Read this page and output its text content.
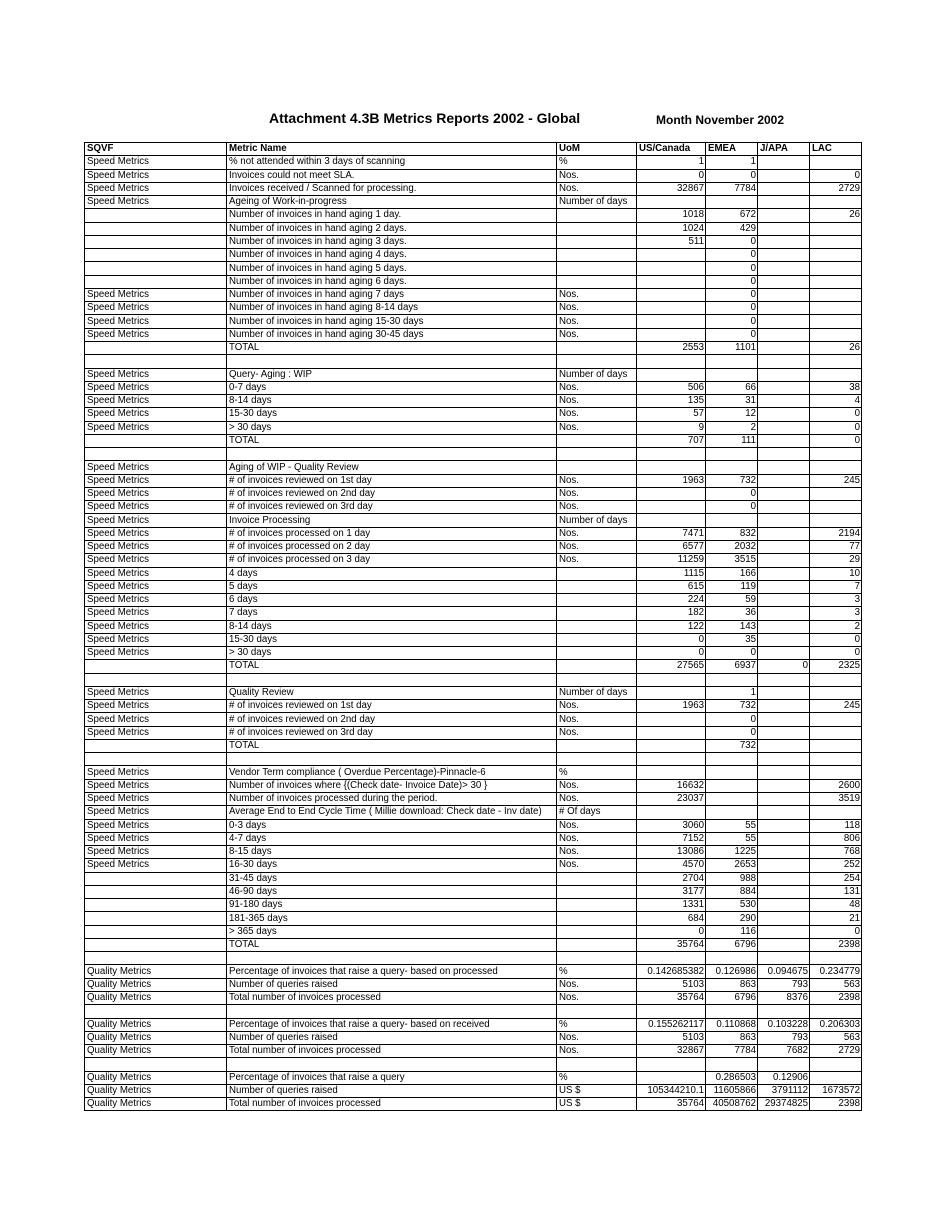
Attachment 4.3B Metrics Reports 2002 - Global	Month November 2002
SQVF	Metric Name	UoM	US/Canada	EMEA	J/APA	LAC
Speed Metrics	% not attended within 3 days of scanning	%	1	1		
Speed Metrics	Invoices could not meet SLA.	Nos.	0	0		0
Speed Metrics	Invoices received / Scanned for processing.	Nos.	32867	7784		2729
Speed Metrics	Ageing of Work-in-progress	Number of days				
	Number of invoices in hand aging 1 day.		1018	672		26
	Number of invoices in hand aging 2 days.		1024	429		
	Number of invoices in hand aging 3 days.		511	0		
	Number of invoices in hand aging 4 days.			0		
	Number of invoices in hand aging 5 days.			0		
	Number of invoices in hand aging 6 days.			0		
Speed Metrics	Number of invoices in hand aging 7 days	Nos.		0		
Speed Metrics	Number of invoices in hand aging 8-14 days	Nos.		0		
Speed Metrics	Number of invoices in hand aging 15-30 days	Nos.		0		
Speed Metrics	Number of invoices in hand aging 30-45 days	Nos.		0		
	TOTAL		2553	1101		26

Speed Metrics	Query- Aging : WIP	Number of days				
Speed Metrics	0-7 days	Nos.	506	66		38
Speed Metrics	8-14 days	Nos.	135	31		4
Speed Metrics	15-30 days	Nos.	57	12		0
Speed Metrics	> 30 days	Nos.	9	2		0
	TOTAL		707	111		0

Speed Metrics	Aging of WIP - Quality Review					
Speed Metrics	# of invoices reviewed on 1st day	Nos.	1963	732		245
Speed Metrics	# of invoices reviewed on 2nd day	Nos.		0		
Speed Metrics	# of invoices reviewed on 3rd day	Nos.		0		
Speed Metrics	Invoice Processing	Number of days				
Speed Metrics	# of invoices processed on 1 day	Nos.	7471	832		2194
Speed Metrics	# of invoices processed on 2 day	Nos.	6577	2032		77
Speed Metrics	# of invoices processed on 3 day	Nos.	11259	3515		29
Speed Metrics	4 days		1115	166		10
Speed Metrics	5 days		615	119		7
Speed Metrics	6 days		224	59		3
Speed Metrics	7 days		182	36		3
Speed Metrics	8-14 days		122	143		2
Speed Metrics	15-30 days		0	35		0
Speed Metrics	> 30 days		0	0		0
	TOTAL		27565	6937	0	2325

Speed Metrics	Quality Review	Number of days		1		
Speed Metrics	# of invoices reviewed on 1st day	Nos.	1963	732		245
Speed Metrics	# of invoices reviewed on 2nd day	Nos.		0		
Speed Metrics	# of invoices reviewed on 3rd day	Nos.		0		
	TOTAL			732		

Speed Metrics	Vendor Term compliance ( Overdue Percentage)-Pinnacle-6	%				
Speed Metrics	Number of invoices where {(Check date- Invoice Date)> 30 }	Nos.	16632			2600
Speed Metrics	Number of invoices processed during the period.	Nos.	23037			3519
Speed Metrics	Average End to End Cycle Time ( Millie download: Check date - Inv date)	# Of days				
Speed Metrics	0-3 days	Nos.	3060	55		118
Speed Metrics	4-7 days	Nos.	7152	55		806
Speed Metrics	8-15 days	Nos.	13086	1225		768
Speed Metrics	16-30 days	Nos.	4570	2653		252
	31-45 days		2704	988		254
	46-90 days		3177	884		131
	91-180 days		1331	530		48
	181-365 days		684	290		21
	> 365 days		0	116		0
	TOTAL		35764	6796		2398

Quality Metrics	Percentage of invoices that raise a query- based on processed	%	0.142685382	0.126986	0.094675	0.234779
Quality Metrics	Number of queries raised	Nos.	5103	863	793	563
Quality Metrics	Total number of invoices processed	Nos.	35764	6796	8376	2398

Quality Metrics	Percentage of invoices that raise a query- based on received	%	0.155262117	0.110868	0.103228	0.206303
Quality Metrics	Number of queries raised	Nos.	5103	863	793	563
Quality Metrics	Total number of invoices processed	Nos.	32867	7784	7682	2729

Quality Metrics	Percentage of invoices that raise a query	%		0.286503	0.12906	
Quality Metrics	Number of queries raised	US $	105344210.1	11605866	3791112	1673572
Quality Metrics	Total number of invoices processed	US $	35764	40508762	29374825	2398
